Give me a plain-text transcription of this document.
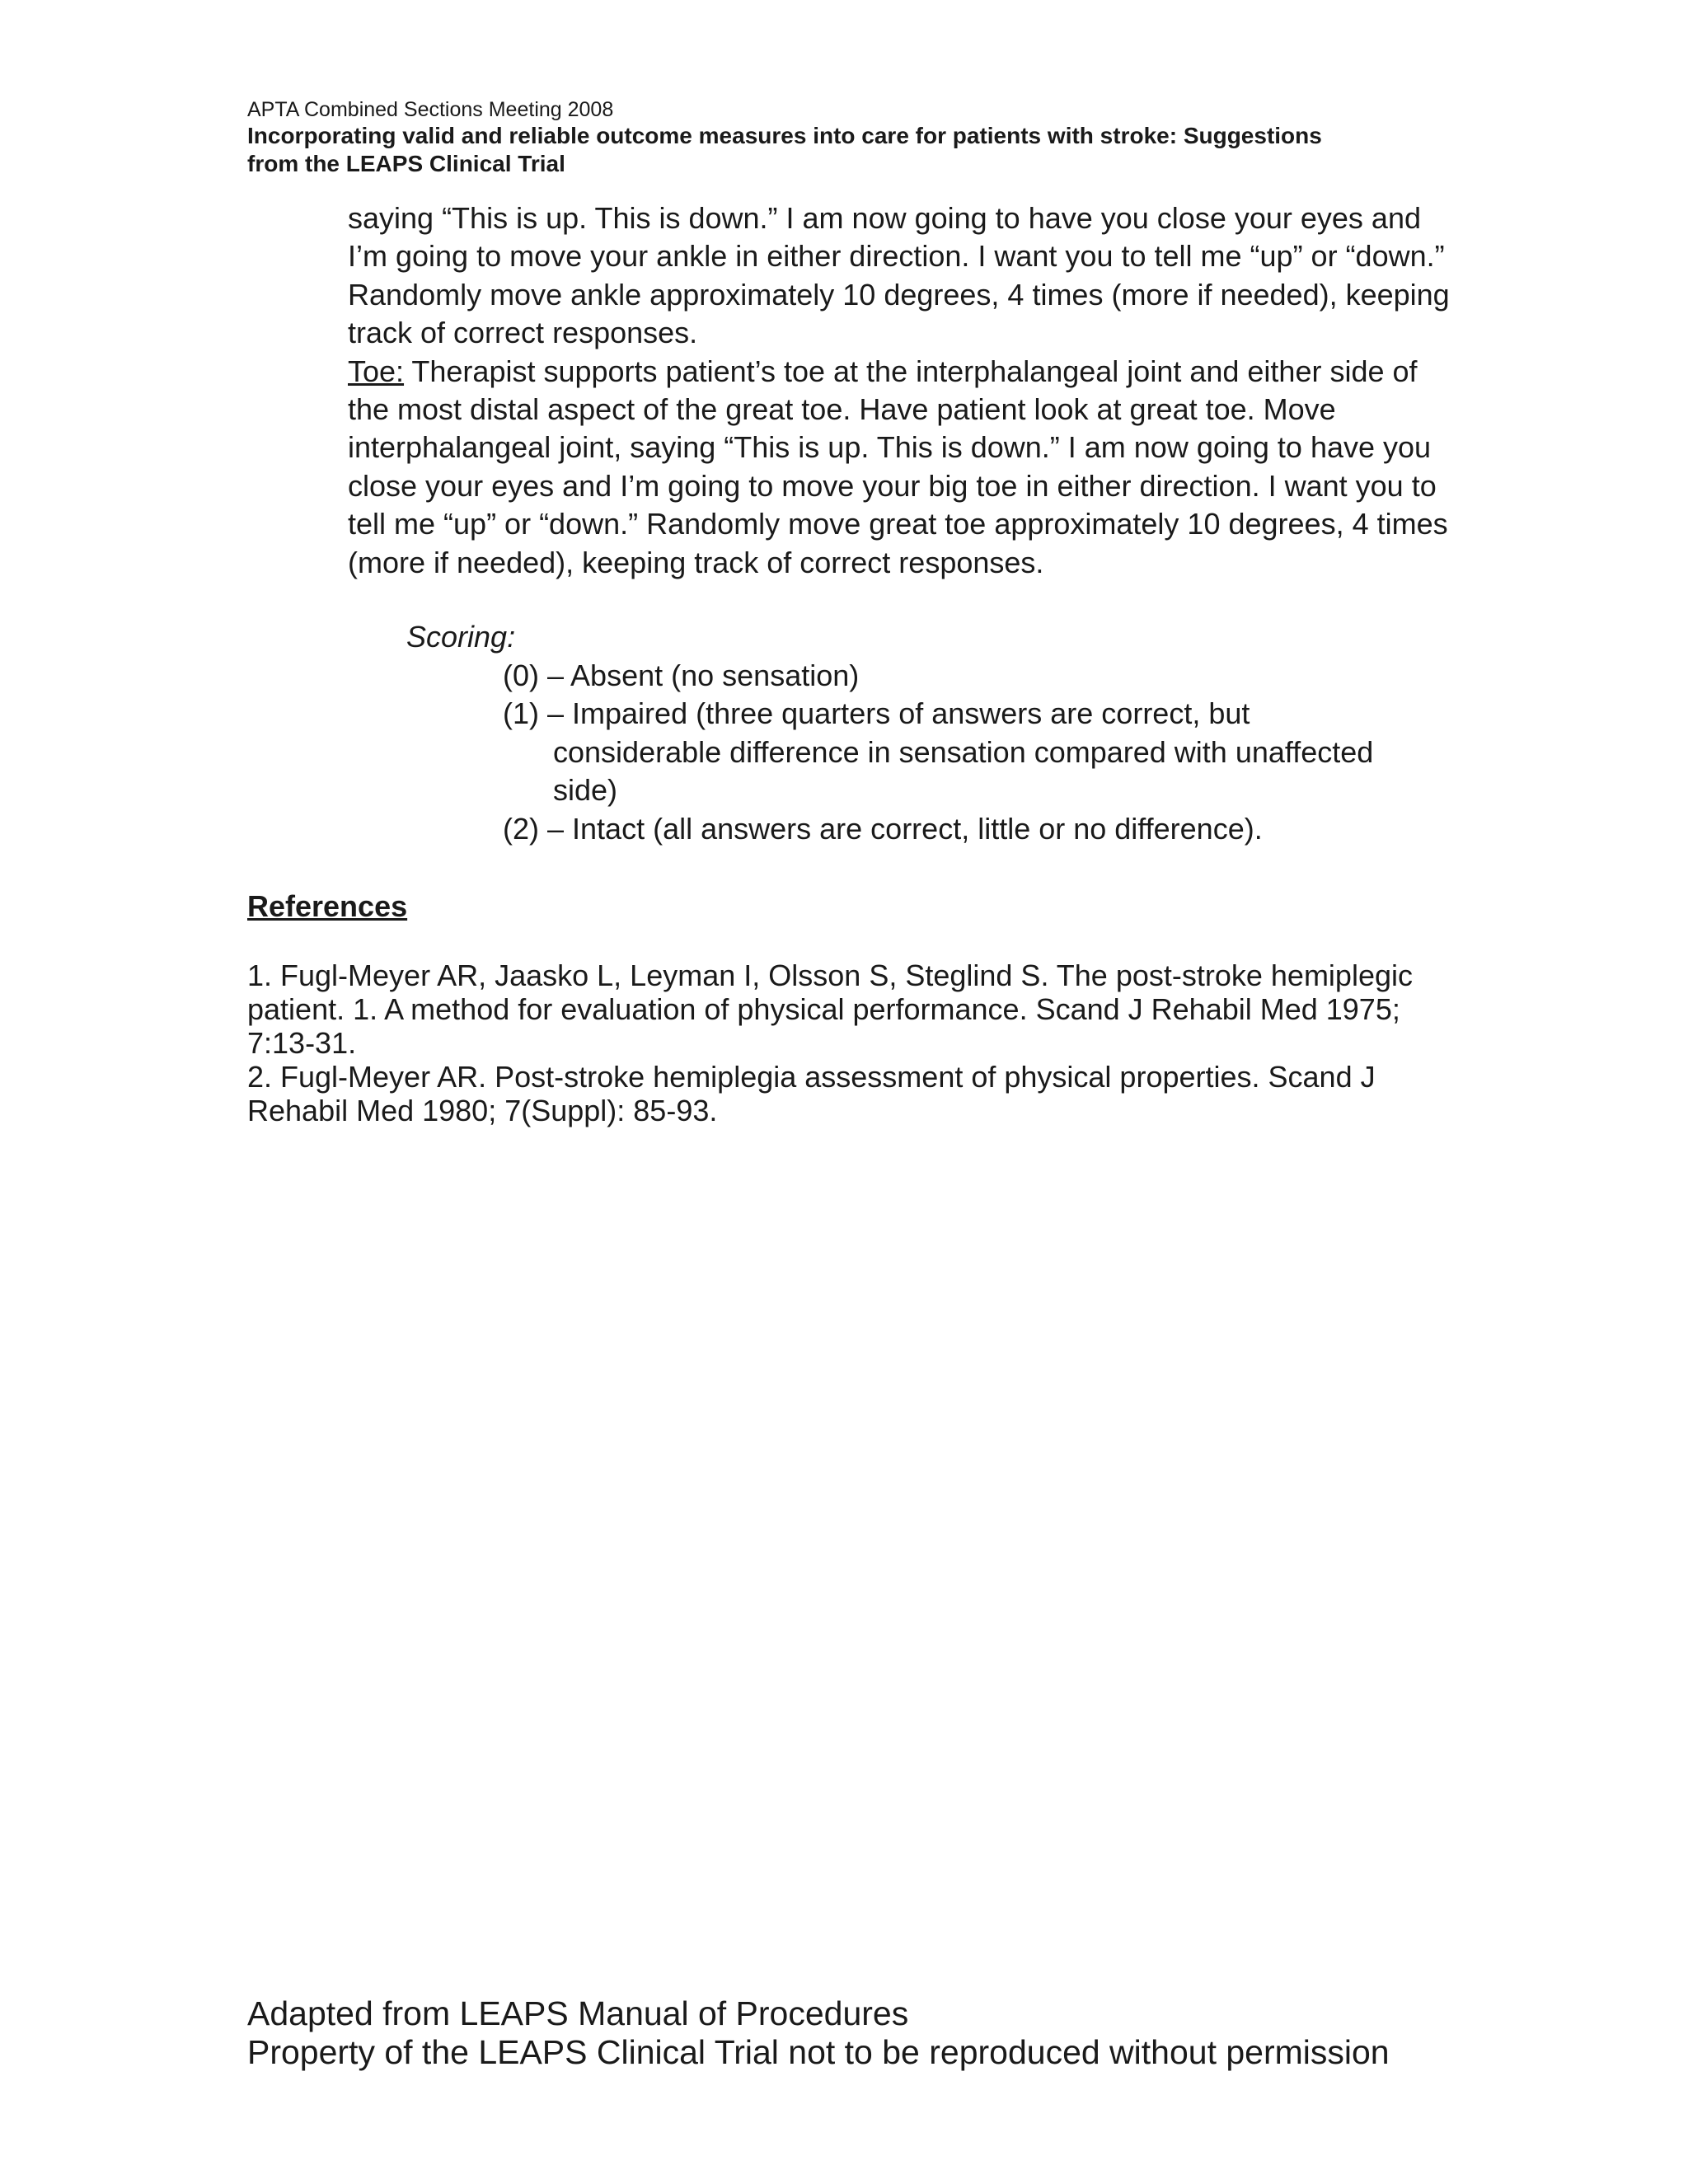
APTA Combined Sections Meeting 2008
Incorporating valid and reliable outcome measures into care for patients with stroke: Suggestions
from the LEAPS Clinical Trial

saying “This is up. This is down.” I am now going to have you close your eyes and I’m going to move your ankle in either direction. I want you to tell me “up” or “down.” Randomly move ankle approximately 10 degrees, 4 times (more if needed), keeping track of correct responses.

Toe: Therapist supports patient’s toe at the interphalangeal joint and either side of the most distal aspect of the great toe. Have patient look at great toe. Move interphalangeal joint, saying “This is up. This is down.” I am now going to have you close your eyes and I’m going to move your big toe in either direction. I want you to tell me “up” or “down.” Randomly move great toe approximately 10 degrees, 4 times (more if needed), keeping track of correct responses.

Scoring:

(0) – Absent (no sensation)

(1) – Impaired (three quarters of answers are correct, but

considerable difference in sensation compared with unaffected

side)

(2) – Intact (all answers are correct, little or no difference).

References

1. Fugl-Meyer AR, Jaasko L, Leyman I, Olsson S, Steglind S. The post-stroke hemiplegic patient. 1. A method for evaluation of physical performance. Scand J Rehabil Med 1975; 7:13-31.

2. Fugl-Meyer AR. Post-stroke hemiplegia assessment of physical properties. Scand J Rehabil Med 1980; 7(Suppl): 85-93.

Adapted from LEAPS Manual of Procedures

Property of the LEAPS Clinical Trial not to be reproduced without permission
